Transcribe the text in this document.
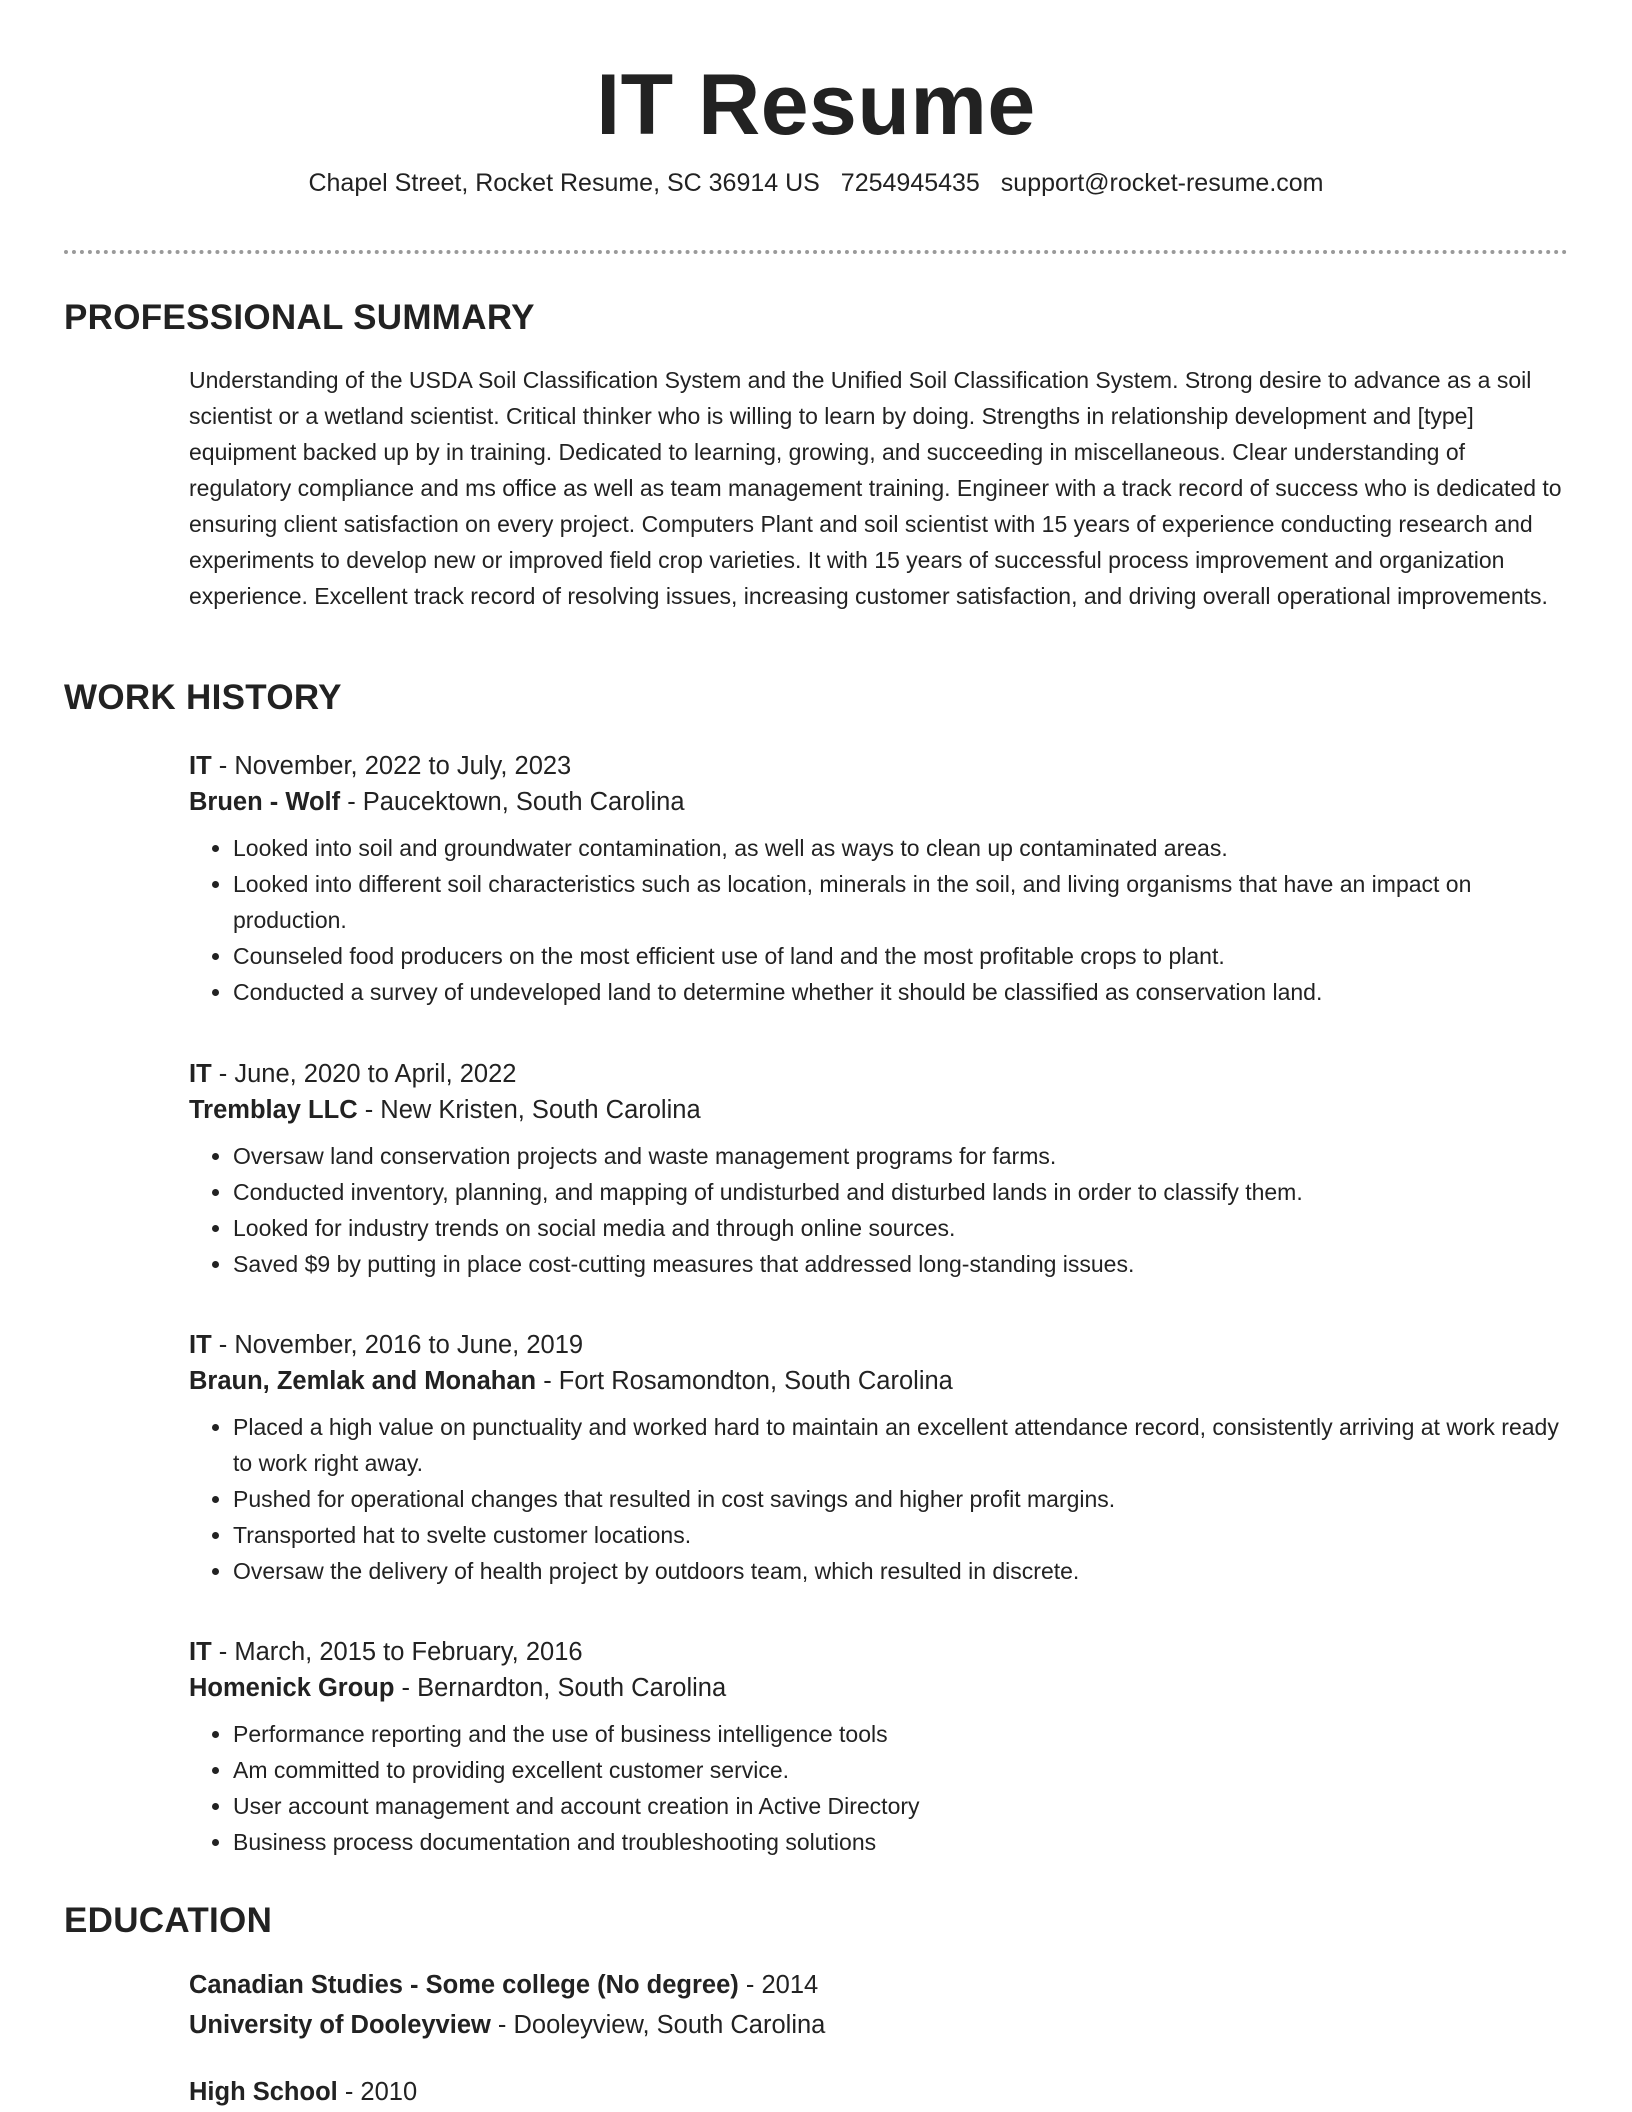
IT Resume
Chapel Street, Rocket Resume, SC 36914 US 7254945435 support@rocket-resume.com
PROFESSIONAL SUMMARY

Understanding of the USDA Soil Classification System and the Unified Soil Classification System. Strong desire to advance as a soil scientist or a wetland scientist. Critical thinker who is willing to learn by doing. Strengths in relationship development and [type] equipment backed up by in training. Dedicated to learning, growing, and succeeding in miscellaneous. Clear understanding of regulatory compliance and ms office as well as team management training. Engineer with a track record of success who is dedicated to ensuring client satisfaction on every project. Computers Plant and soil scientist with 15 years of experience conducting research and experiments to develop new or improved field crop varieties. It with 15 years of successful process improvement and organization experience. Excellent track record of resolving issues, increasing customer satisfaction, and driving overall operational improvements.

WORK HISTORY

IT - November, 2022 to July, 2023

Bruen - Wolf - Paucektown, South Carolina

• Looked into soil and groundwater contamination, as well as ways to clean up contaminated areas.
• Looked into different soil characteristics such as location, minerals in the soil, and living organisms that have an impact on production.
• Counseled food producers on the most efficient use of land and the most profitable crops to plant.
• Conducted a survey of undeveloped land to determine whether it should be classified as conservation land.

IT - June, 2020 to April, 2022

Tremblay LLC - New Kristen, South Carolina

• Oversaw land conservation projects and waste management programs for farms.
• Conducted inventory, planning, and mapping of undisturbed and disturbed lands in order to classify them.
• Looked for industry trends on social media and through online sources.
• Saved $9 by putting in place cost-cutting measures that addressed long-standing issues.

IT - November, 2016 to June, 2019

Braun, Zemlak and Monahan - Fort Rosamondton, South Carolina

• Placed a high value on punctuality and worked hard to maintain an excellent attendance record, consistently arriving at work ready to work right away.
• Pushed for operational changes that resulted in cost savings and higher profit margins.
• Transported hat to svelte customer locations.
• Oversaw the delivery of health project by outdoors team, which resulted in discrete.

IT - March, 2015 to February, 2016

Homenick Group - Bernardton, South Carolina

• Performance reporting and the use of business intelligence tools
• Am committed to providing excellent customer service.
• User account management and account creation in Active Directory
• Business process documentation and troubleshooting solutions
EDUCATION

Canadian Studies - Some college (No degree) - 2014

University of Dooleyview - Dooleyview, South Carolina

High School - 2010
